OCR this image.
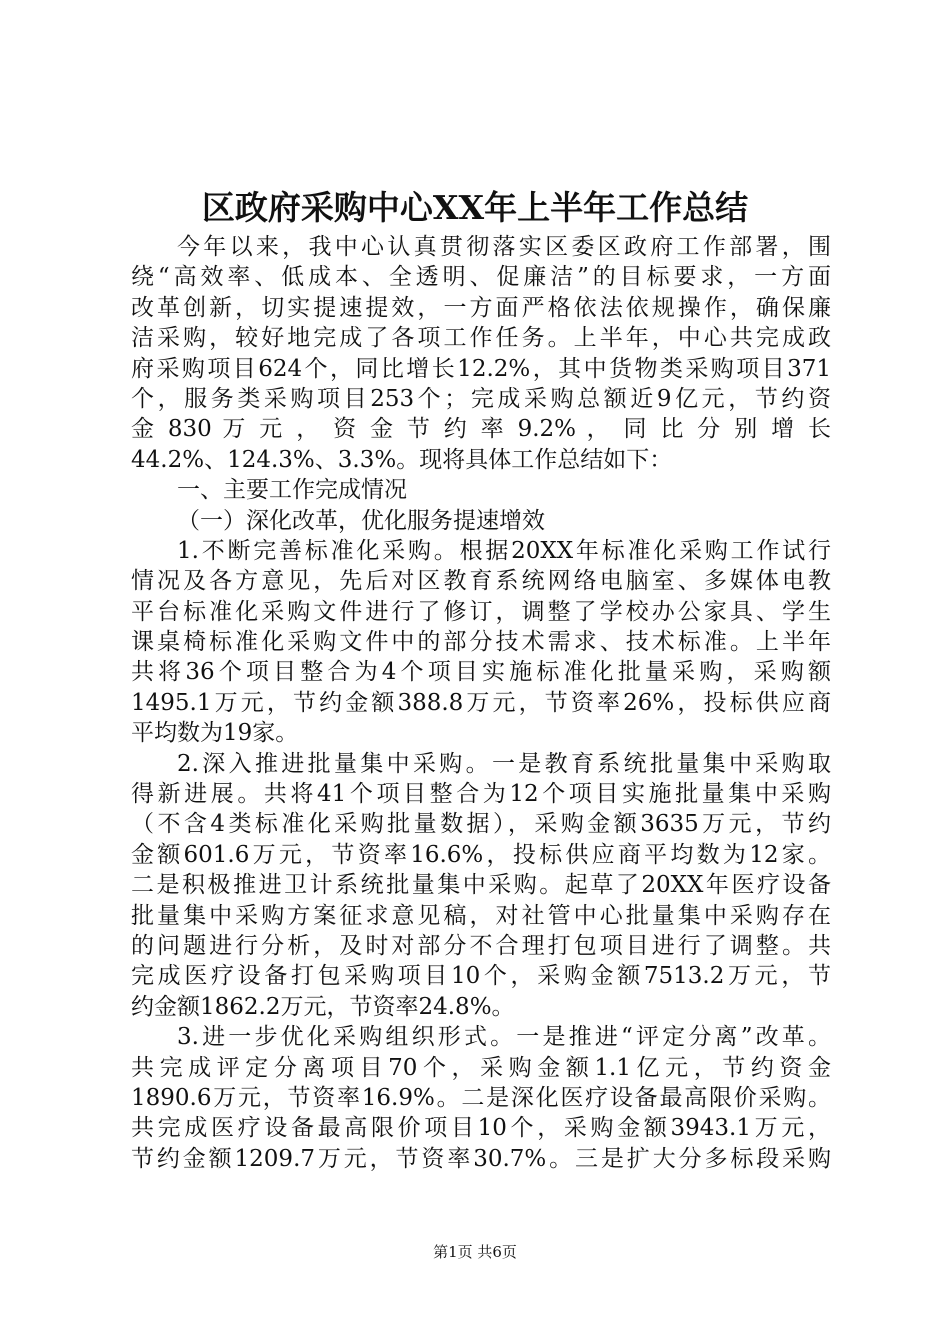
区政府采购中心XX年上半年工作总结
今年以来，我中心认真贯彻落实区委区政府工作部署，围
绕“高效率、低成本、全透明、促廉洁”的目标要求，一方面
改革创新，切实提速提效，一方面严格依法依规操作，确保廉
洁采购，较好地完成了各项工作任务。上半年，中心共完成政
府采购项目624个，同比增长12.2%，其中货物类采购项目371
个，服务类采购项目253个；完成采购总额近9亿元，节约资
金 830 万 元 ， 资 金 节 约 率 9.2% ， 同 比 分 别 增 长
44.2%、124.3%、3.3%。现将具体工作总结如下：
一、主要工作完成情况
（一）深化改革，优化服务提速增效
1.不断完善标准化采购。根据20XX年标准化采购工作试行
情况及各方意见，先后对区教育系统网络电脑室、多媒体电教
平台标准化采购文件进行了修订，调整了学校办公家具、学生
课桌椅标准化采购文件中的部分技术需求、技术标准。上半年
共将36个项目整合为4个项目实施标准化批量采购，采购额
1495.1万元，节约金额388.8万元，节资率26%，投标供应商
平均数为19家。
2.深入推进批量集中采购。一是教育系统批量集中采购取
得新进展。共将41个项目整合为12个项目实施批量集中采购
（不含4类标准化采购批量数据），采购金额3635万元，节约
金额601.6万元，节资率16.6%，投标供应商平均数为12家。
二是积极推进卫计系统批量集中采购。起草了20XX年医疗设备
批量集中采购方案征求意见稿，对社管中心批量集中采购存在
的问题进行分析，及时对部分不合理打包项目进行了调整。共
完成医疗设备打包采购项目10个，采购金额7513.2万元，节
约金额1862.2万元，节资率24.8%。
3.进一步优化采购组织形式。一是推进“评定分离”改革。
共完成评定分离项目70个，采购金额1.1亿元，节约资金
1890.6万元，节资率16.9%。二是深化医疗设备最高限价采购。
共完成医疗设备最高限价项目10个，采购金额3943.1万元，
节约金额1209.7万元，节资率30.7%。三是扩大分多标段采购
第1页 共6页
